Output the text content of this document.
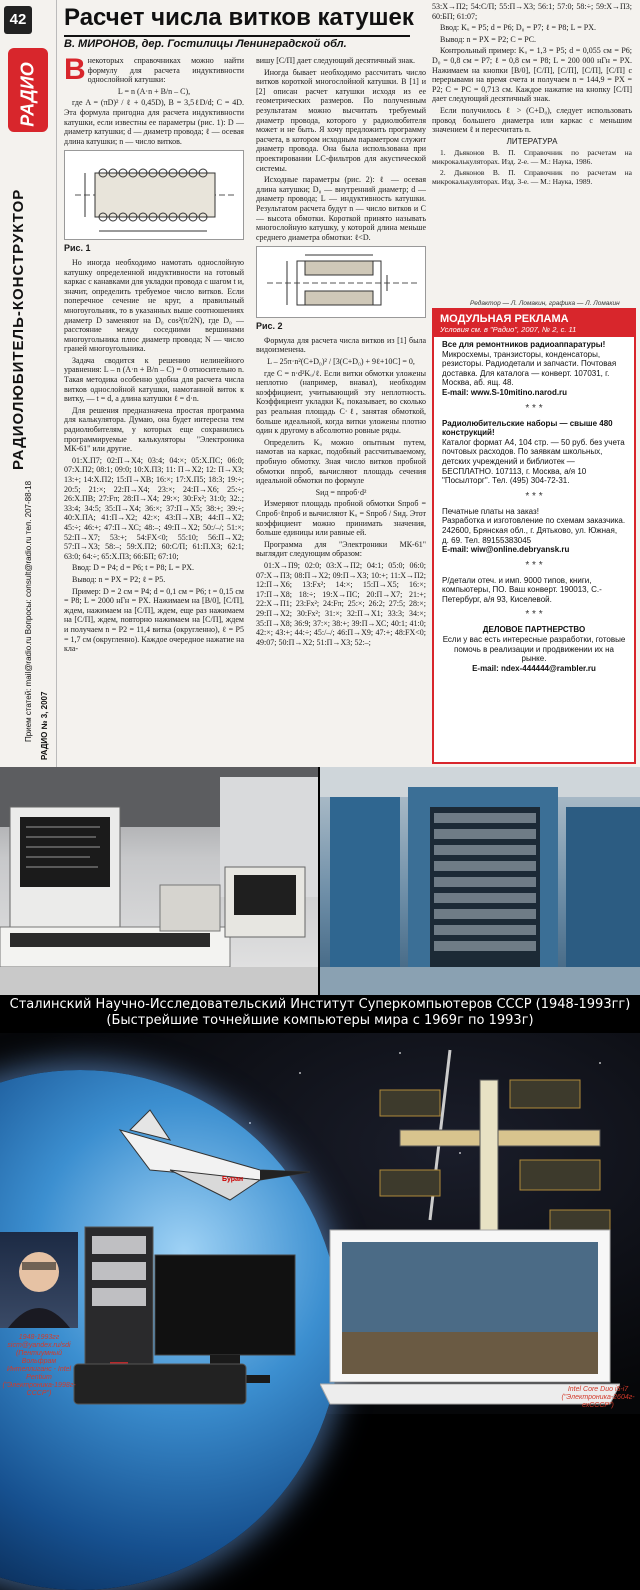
42
РАДИО
РАДИОЛЮБИТЕЛЬ-КОНСТРУКТОР
Прием статей: mail@radio.ru Вопросы: consult@radio.ru тел. 207-88-18 РАДИО № 3, 2007
Расчет числа витков катушек
В. МИРОНОВ, дер. Гостилицы Ленинградской обл.

Внекоторых справочниках можно найти формулу для расчета индуктивности однослойной катушки:

L = n (A·n + B/n – C),

где A = (πD)² / ℓ + 0,45D), B = 3,5ℓD/d; C = 4D. Эта формула пригодна для расчета индуктивности катушки, если известны ее параметры (рис. 1): D — диаметр катушки; d — диаметр провода; ℓ — осевая длина катушки; n — число витков.

Рис. 1

Но иногда необходимо намотать однослойную катушку определенной индуктивности на готовый каркас с канавками для укладки провода с шагом t и, значит, определить требуемое число витков. Если поперечное сечение не круг, а правильный многоугольник, то в указанных выше соотношениях диаметр D заменяют на D₀ cos²(π/2N), где D₀ — расстояние между соседними вершинами многоугольника плюс диаметр провода; N — число граней многоугольника.

Задача сводится к решению нелинейного уравнения: L – n (A·n + B/n – C) = 0 относительно n. Такая методика особенно удобна для расчета числа витков однослойной катушки, намотанной виток к витку, — t = d, а длина катушки ℓ = d·n.

Для решения предназначена простая программа для калькулятора. Думаю, она будет интересна тем радиолюбителям, у которых еще сохранились программируемые калькуляторы "Электроника МК-61" или другие.

01:Х.П7; 02:П→Х4; 03:4; 04:×; 05:Х.ПС; 06:0; 07:Х.П2; 08:1; 09:0; 10:Х.П3; 11: П→Х2; 12: П→Х3; 13:+; 14:Х.П2; 15:П→ХВ; 16:×; 17:Х.П5; 18:3; 19:÷; 20:5; 21:×; 22:П→Х4; 23:×; 24:П→Х6; 25:÷; 26:Х.ПВ; 27:Fπ; 28:П→Х4; 29:×; 30:Fx²; 31:0; 32:.; 33:4; 34:5; 35:П→Х4; 36:×; 37:П→Х5; 38:+; 39:÷; 40:Х.ПА; 41:П→Х2; 42:×; 43:П→ХВ; 44:П→Х2; 45:÷; 46:+; 47:П→ХС; 48:–; 49:П→Х2; 50:/–/; 51:×; 52:П→Х7; 53:+; 54:FХ<0; 55:10; 56:П→Х2; 57:П→Х3; 58:–; 59:Х.П2; 60:С/П; 61:П.Х3; 62:1; 63:0; 64:÷; 65:Х.П3; 66:БП; 67:10;

Ввод: D = P4; d = P6; t = P8; L = PX.

Вывод: n = PX = P2; ℓ = P5.

Пример: D = 2 см = P4; d = 0,1 см = P6; t = 0,15 см = P8; L = 2000 нГн = PX. Нажимаем на [В/0], [С/П], ждем, нажимаем на [С/П], ждем, еще раз нажимаем на [С/П], ждем, повторно нажимаем на [С/П], ждем и получаем n = P2 = 11,4 витка (округленно), ℓ = P5 = 1,7 см (округленно). Каждое очередное нажатие на кла-

вишу [С/П] дает следующий десятичный знак.

Иногда бывает необходимо рассчитать число витков короткой многослойной катушки. В [1] и [2] описан расчет катушки исходя из ее геометрических размеров. По полученным результатам можно высчитать требуемый диаметр провода, которого у радиолюбителя может и не быть. Я хочу предложить программу расчета, в котором исходным параметром служит диаметр провода. Она была использована при проектировании LC-фильтров для акустической системы.

Исходные параметры (рис. 2): ℓ — осевая длина катушки; D₀ — внутренний диаметр; d — диаметр провода; L — индуктивность катушки. Результатом расчета будут n — число витков и C — высота обмотки. Короткой принято называть многослойную катушку, у которой длина меньше среднего диаметра обмотки: ℓ<D.

Рис. 2

Формула для расчета числа витков из [1] была видоизменена.

L – 25π·n²(C+D₀)² / [3(C+D₀) + 9ℓ+10C] = 0,

где C = n·d²Kᵤ/ℓ. Если витки обмотки уложены неплотно (например, внавал), необходим коэффициент, учитывающий эту неплотность. Коэффициент укладки Kᵤ показывает, во сколько раз реальная площадь C·ℓ, занятая обмоткой, больше идеальной, когда витки уложены плотно один к другому в абсолютно ровные ряды.

Определить Kᵤ можно опытным путем, намотав на каркас, подобный рассчитываемому, пробную обмотку. Зная число витков пробной обмотки nпроб, вычисляют площадь сечения идеальной обмотки по формуле

Sид = nпроб·d²

Измеряют площадь пробной обмотки Sпроб = Cпроб·ℓпроб и вычисляют Kᵤ = Sпроб / Sид. Этот коэффициент можно принимать значения, больше единицы или равные ей.

Программа для "Электроники МК-61" выглядит следующим образом:

01:Х→П9; 02:0; 03:Х→П2; 04:1; 05:0; 06:0; 07:Х→П3; 08:П→Х2; 09:П→Х3; 10:+; 11:Х→П2; 12:П→Х6; 13:Fx²; 14:×; 15:П→Х5; 16:×; 17:П→Х8; 18:÷; 19:Х→ПС; 20:П→Х7; 21:+; 22:Х→П1; 23:Fx²; 24:Fπ; 25:×; 26:2; 27:5; 28:×; 29:П→Х2; 30:Fx²; 31:×; 32:П→Х1; 33:3; 34:×; 35:П→Х8; 36:9; 37:×; 38:+; 39:П→ХС; 40:1; 41:0; 42:×; 43:+; 44:÷; 45:/–/; 46:П→Х9; 47:+; 48:FХ<0; 49:07; 50:П→Х2; 51:П→Х3; 52:–;

53:Х→П2; 54:С/П; 55:П→Х3; 56:1; 57:0; 58:÷; 59:Х→П3; 60:БП; 61:07;

Ввод: Kᵤ = P5; d = P6; D₀ = P7; ℓ = P8; L = PX.

Вывод: n = PX = P2; C = PC.

Контрольный пример: Kᵤ = 1,3 = P5; d = 0,055 см = P6; D₀ = 0,8 см = P7; ℓ = 0,8 см = P8; L = 200 000 нГн = PX. Нажимаем на кнопки [В/0], [С/П], [С/П], [С/П], [С/П] с перерывами на время счета и получаем n = 144,9 = PX = P2; C = PC = 0,713 см. Каждое нажатие на кнопку [С/П] дает следующий десятичный знак.

Если получилось ℓ > (C+D₀), следует использовать провод большего диаметра или каркас с меньшим значением ℓ и пересчитать n.

ЛИТЕРАТУРА

1. Дьяконов В. П. Справочник по расчетам на микрокалькуляторах. Изд. 2-е. — М.: Наука, 1986.

2. Дьяконов В. П. Справочник по расчетам на микрокалькуляторах. Изд. 3-е. — М.: Наука, 1989.

Редактор — Л. Ломакин, графика — Л. Ломакин
МОДУЛЬНАЯ РЕКЛАМА
Условия см. в "Радио", 2007, № 2, с. 11
Все для ремонтников радиоаппаратуры!
Микросхемы, транзисторы, конденсаторы, резисторы. Радиодетали и запчасти. Почтовая доставка. Для каталога — конверт. 107031, г. Москва, аб. ящ. 48.
E-mail: www.S-10mitino.narod.ru
* * *
Радиолюбительские наборы — свыше 480 конструкций!
Каталог формат А4, 104 стр. — 50 руб. без учета почтовых расходов. По заявкам школьных, детских учреждений и библиотек — БЕСПЛАТНО. 107113, г. Москва, а/я 10 "Посылторг". Тел. (495) 304-72-31.
* * *
Печатные платы на заказ!
Разработка и изготовление по схемам заказчика. 242600, Брянская обл., г. Дятьково, ул. Южная, д. 69. Тел. 89155383045
E-mail: wiw@online.debryansk.ru
* * *
Р/детали отеч. и имп. 9000 типов, книги, компьютеры, ПО. Ваш конверт. 190013, С.-Петербург, а/я 93, Киселевой.
* * *
ДЕЛОВОЕ ПАРТНЕРСТВО
Если у вас есть интересные разработки, готовые помочь в реализации и продвижении их на рынке.
E-mail: ndex-444444@rambler.ru
Сталинский Научно-Исследовательский Институт Суперкомпьютеров СССР (1948-1993гг)
(Быстрейшие точнейшие компьютеры мира с 1969г по 1993г)
Буран
1948-1993гг sicm@yandex.ru/sdi (Пентиумный Вольфрам Интеллиганс - Intel Pentium ("Электроника-1998г-СССР")
Intel Core Duo i5-i7 ("Электроника-2604г-ехСССР")
